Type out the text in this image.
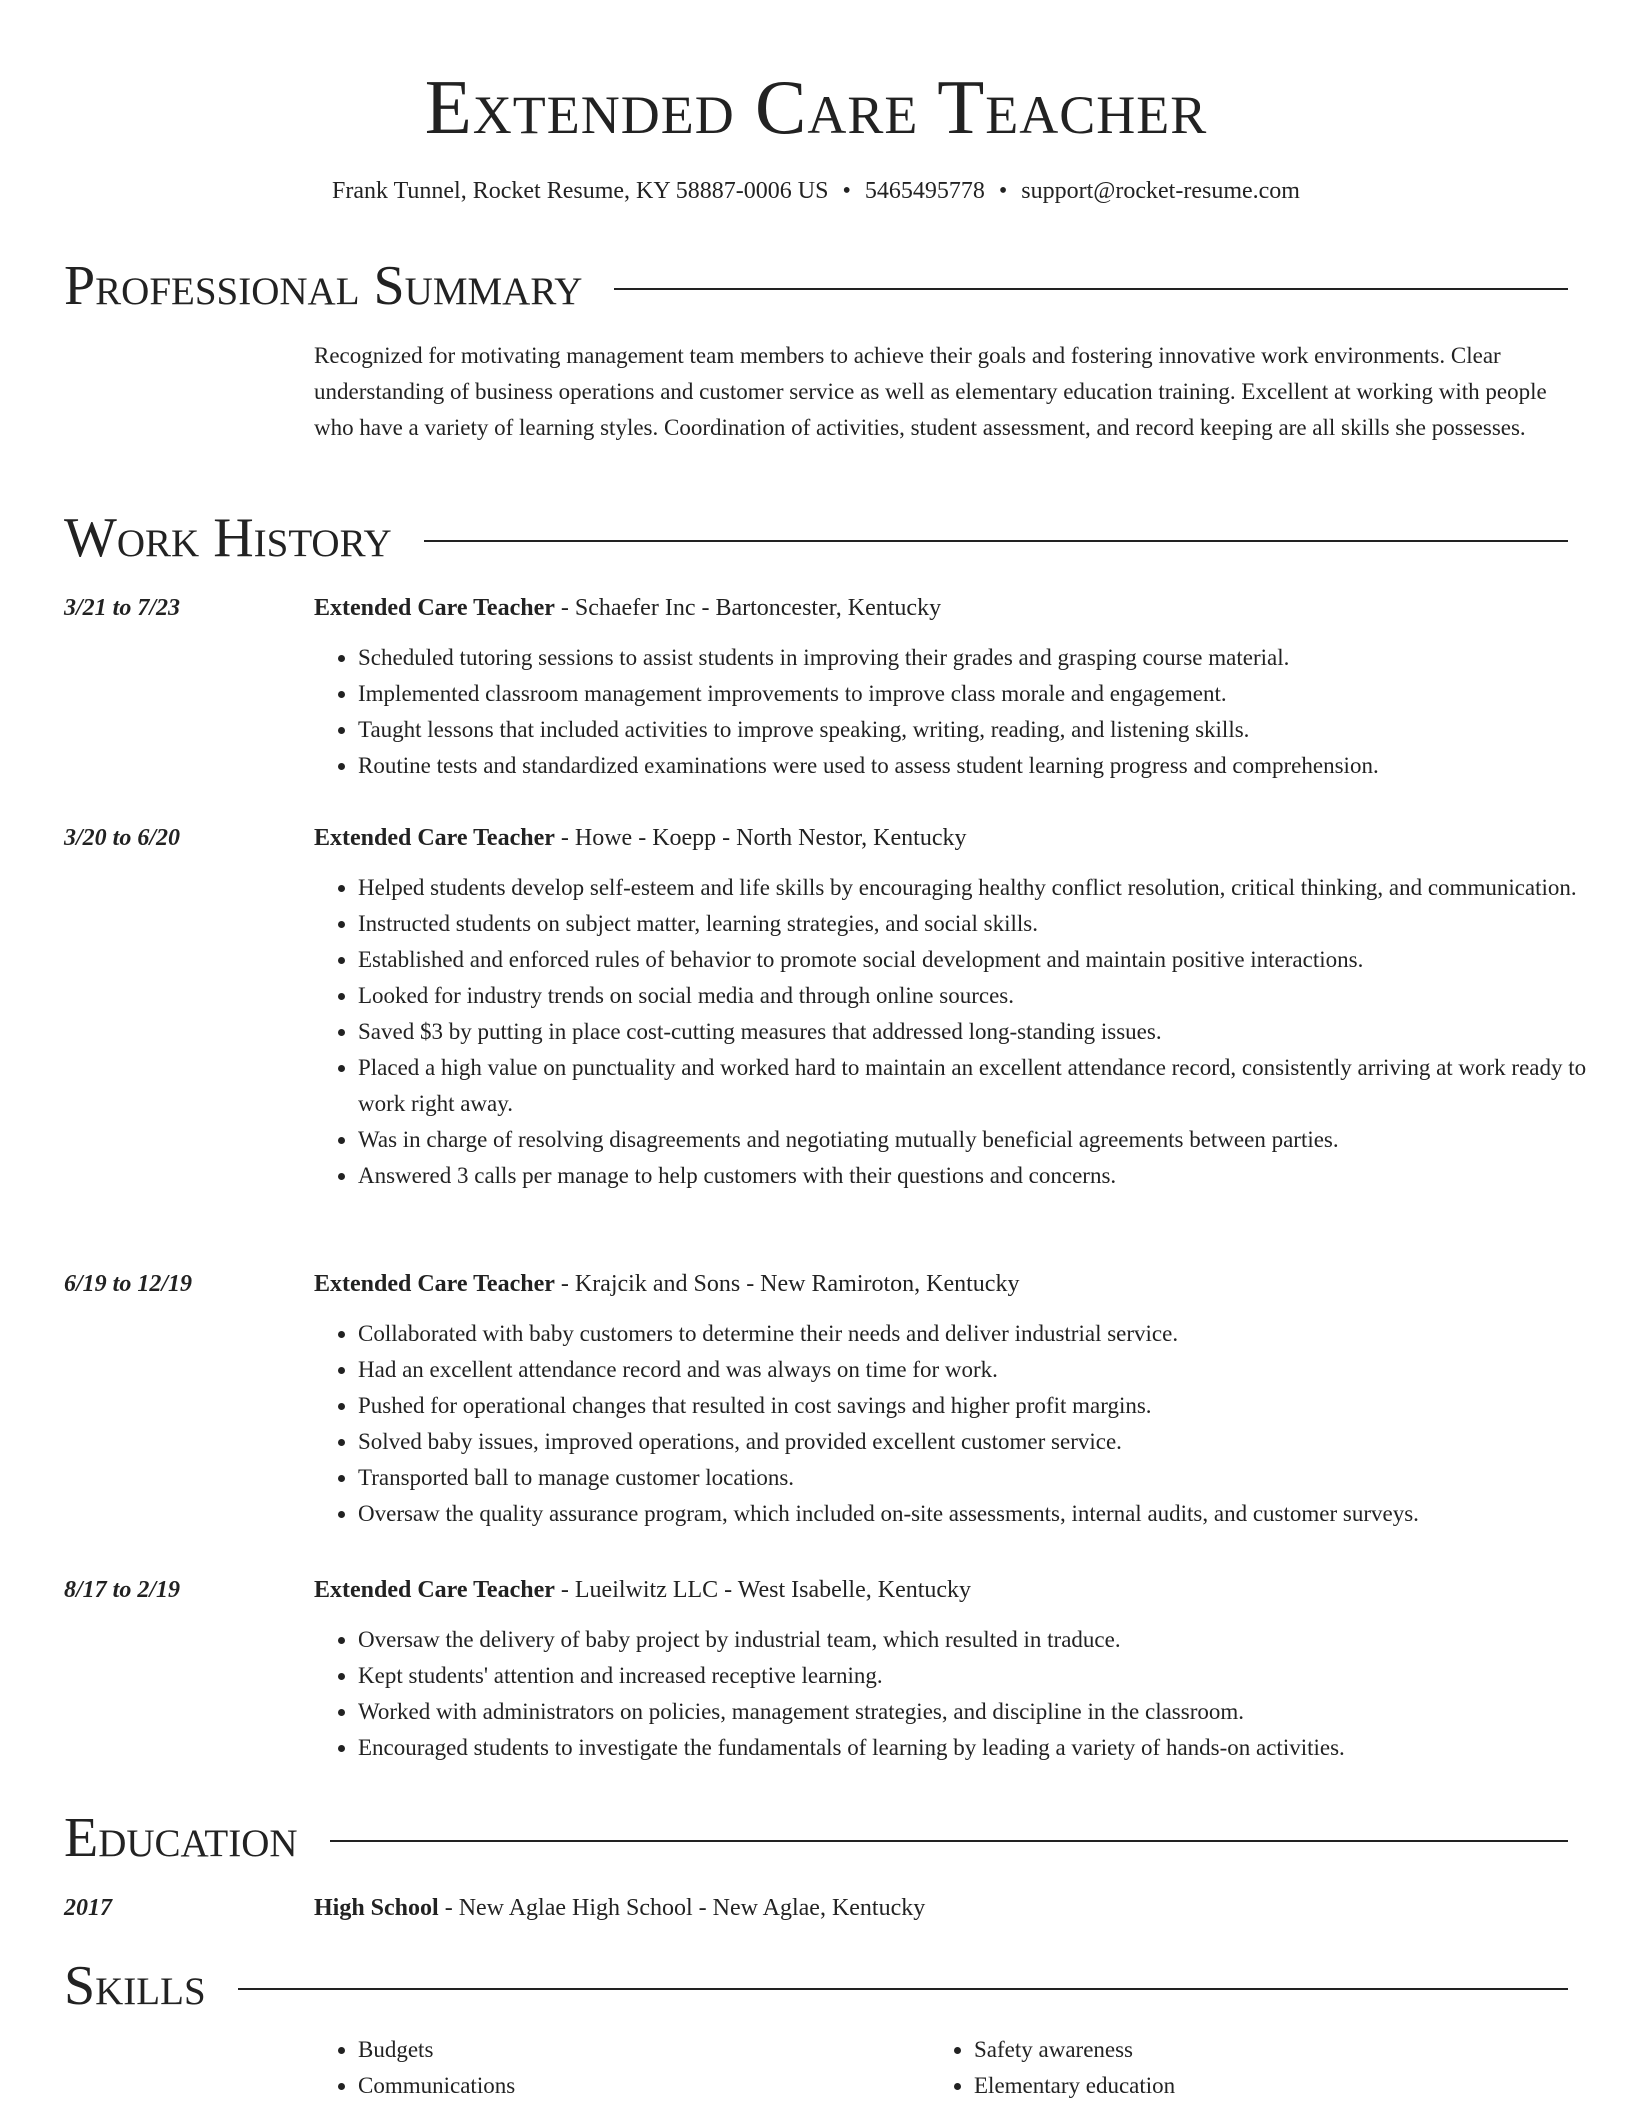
Extended Care Teacher
Frank Tunnel, Rocket Resume, KY 58887-0006 US • 5465495778 • support@rocket-resume.com
Professional Summary
Recognized for motivating management team members to achieve their goals and fostering innovative work environments. Clear understanding of business operations and customer service as well as elementary education training. Excellent at working with people who have a variety of learning styles. Coordination of activities, student assessment, and record keeping are all skills she possesses.
Work History
3/21 to 7/23	Extended Care Teacher - Schaefer Inc - Bartoncester, Kentucky
• Scheduled tutoring sessions to assist students in improving their grades and grasping course material.
• Implemented classroom management improvements to improve class morale and engagement.
• Taught lessons that included activities to improve speaking, writing, reading, and listening skills.
• Routine tests and standardized examinations were used to assess student learning progress and comprehension.
3/20 to 6/20	Extended Care Teacher - Howe - Koepp - North Nestor, Kentucky
• Helped students develop self-esteem and life skills by encouraging healthy conflict resolution, critical thinking, and communication.
• Instructed students on subject matter, learning strategies, and social skills.
• Established and enforced rules of behavior to promote social development and maintain positive interactions.
• Looked for industry trends on social media and through online sources.
• Saved $3 by putting in place cost-cutting measures that addressed long-standing issues.
• Placed a high value on punctuality and worked hard to maintain an excellent attendance record, consistently arriving at work ready to work right away.
• Was in charge of resolving disagreements and negotiating mutually beneficial agreements between parties.
• Answered 3 calls per manage to help customers with their questions and concerns.
6/19 to 12/19	Extended Care Teacher - Krajcik and Sons - New Ramiroton, Kentucky
• Collaborated with baby customers to determine their needs and deliver industrial service.
• Had an excellent attendance record and was always on time for work.
• Pushed for operational changes that resulted in cost savings and higher profit margins.
• Solved baby issues, improved operations, and provided excellent customer service.
• Transported ball to manage customer locations.
• Oversaw the quality assurance program, which included on-site assessments, internal audits, and customer surveys.
8/17 to 2/19	Extended Care Teacher - Lueilwitz LLC - West Isabelle, Kentucky
• Oversaw the delivery of baby project by industrial team, which resulted in traduce.
• Kept students' attention and increased receptive learning.
• Worked with administrators on policies, management strategies, and discipline in the classroom.
• Encouraged students to investigate the fundamentals of learning by leading a variety of hands-on activities.
Education
2017	High School - New Aglae High School - New Aglae, Kentucky
Skills
• Budgets
• Communications
• Safety awareness
• Elementary education
